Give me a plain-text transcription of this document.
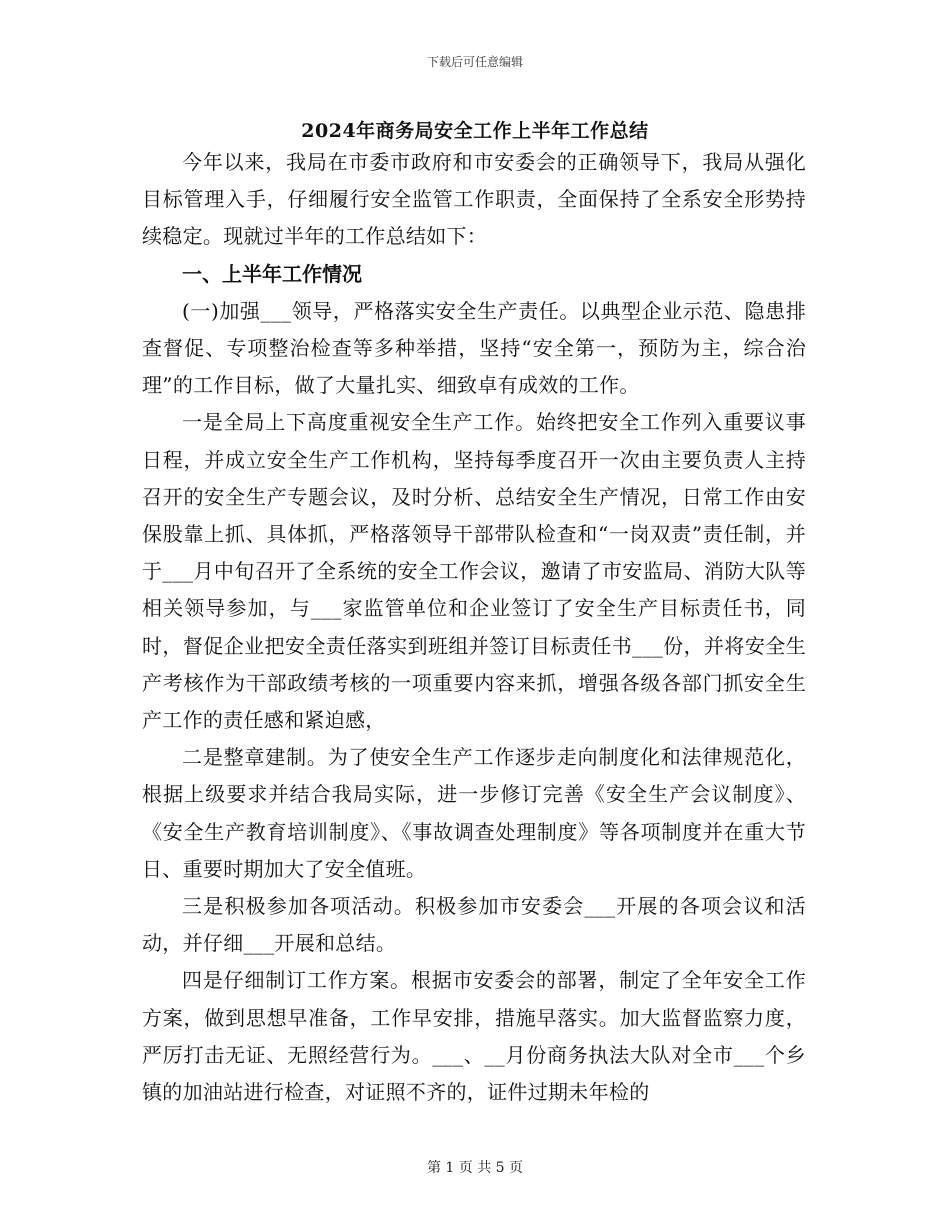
下载后可任意编辑
2024年商务局安全工作上半年工作总结

今年以来，我局在市委市政府和市安委会的正确领导下，我局从强化目标管理入手，仔细履行安全监管工作职责，全面保持了全系安全形势持续稳定。现就过半年的工作总结如下：

一、上半年工作情况

(一)加强___领导，严格落实安全生产责任。以典型企业示范、隐患排查督促、专项整治检查等多种举措，坚持“安全第一，预防为主，综合治理”的工作目标，做了大量扎实、细致卓有成效的工作。

一是全局上下高度重视安全生产工作。始终把安全工作列入重要议事日程，并成立安全生产工作机构，坚持每季度召开一次由主要负责人主持召开的安全生产专题会议，及时分析、总结安全生产情况，日常工作由安保股靠上抓、具体抓，严格落领导干部带队检查和“一岗双责”责任制，并于___月中旬召开了全系统的安全工作会议，邀请了市安监局、消防大队等相关领导参加，与___家监管单位和企业签订了安全生产目标责任书，同时，督促企业把安全责任落实到班组并签订目标责任书___份，并将安全生产考核作为干部政绩考核的一项重要内容来抓，增强各级各部门抓安全生产工作的责任感和紧迫感，

二是整章建制。为了使安全生产工作逐步走向制度化和法律规范化，根据上级要求并结合我局实际，进一步修订完善《安全生产会议制度》、《安全生产教育培训制度》、《事故调查处理制度》等各项制度并在重大节日、重要时期加大了安全值班。

三是积极参加各项活动。积极参加市安委会___开展的各项会议和活动，并仔细___开展和总结。

四是仔细制订工作方案。根据市安委会的部署，制定了全年安全工作方案，做到思想早准备，工作早安排，措施早落实。加大监督监察力度，严厉打击无证、无照经营行为。___、__月份商务执法大队对全市___个乡镇的加油站进行检查，对证照不齐的，证件过期未年检的

第 1 页 共 5 页
